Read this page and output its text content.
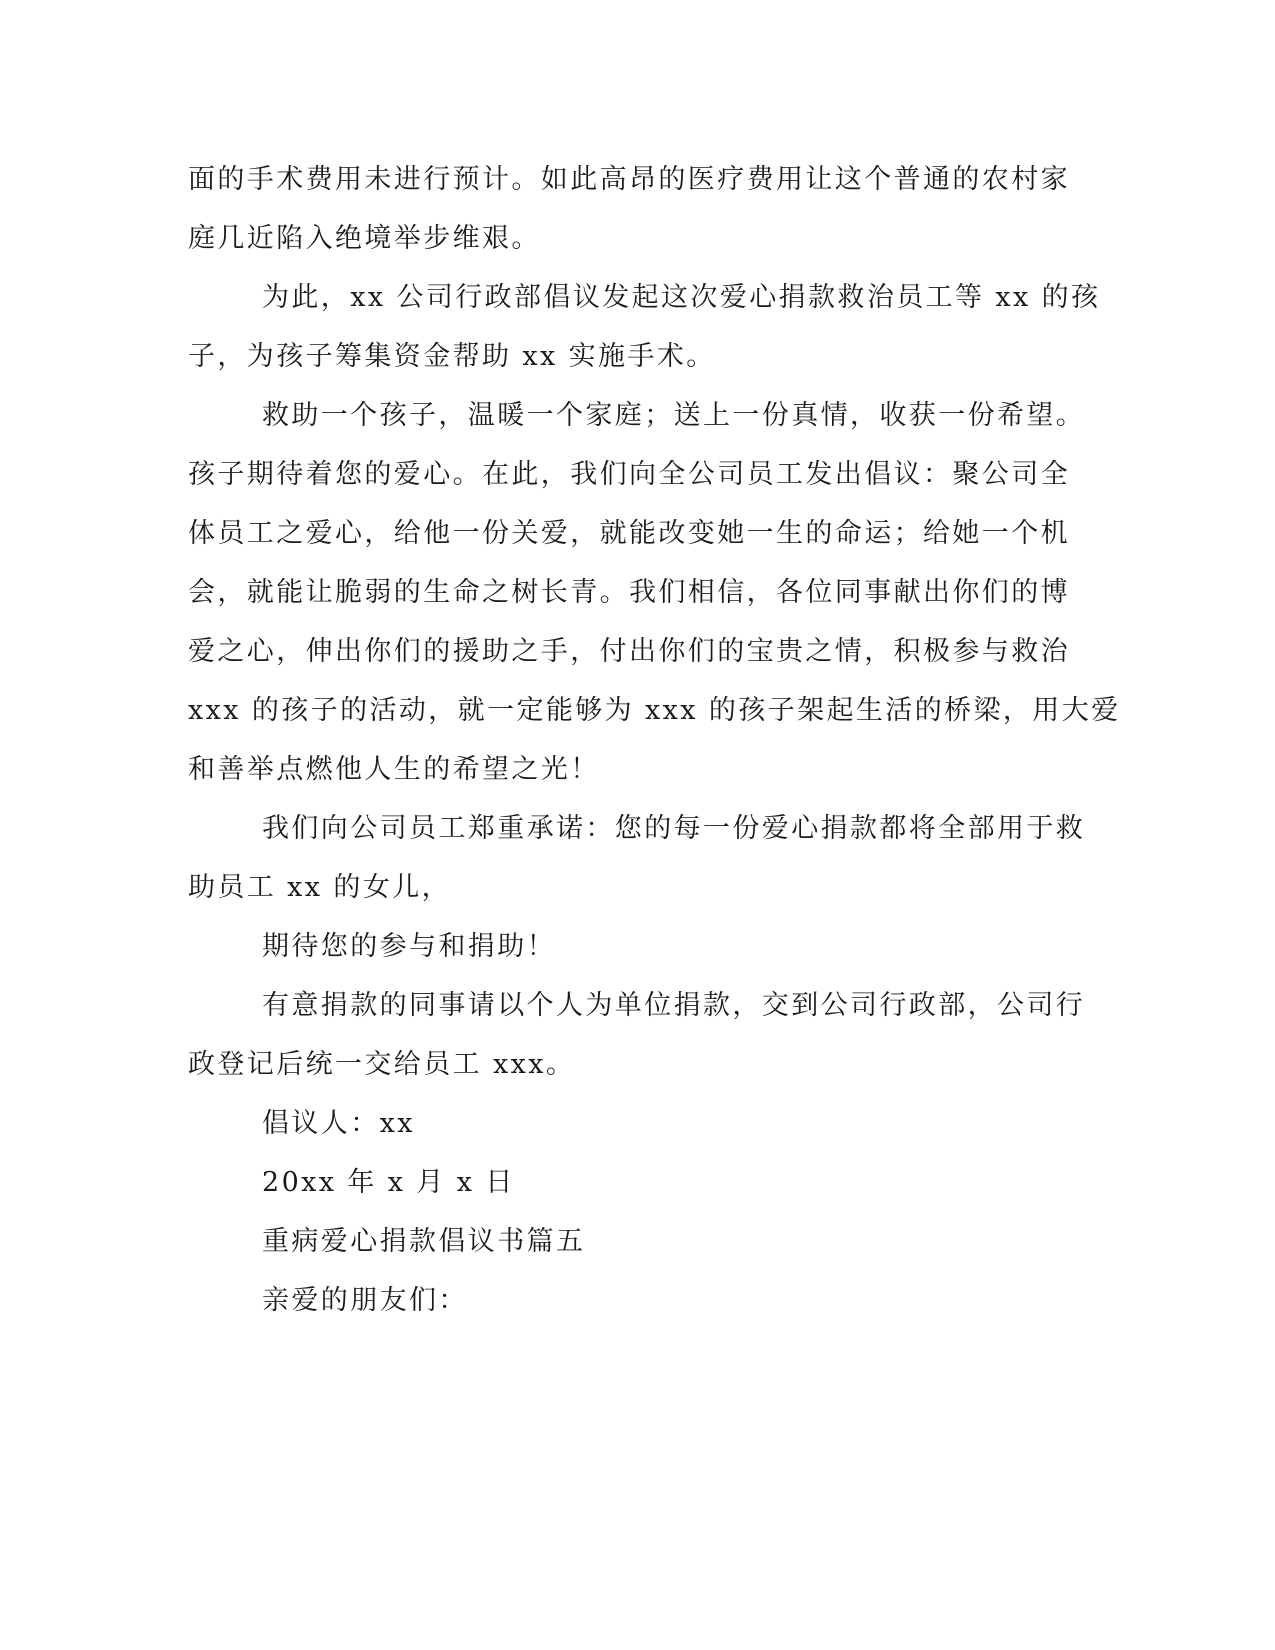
面的手术费用未进行预计。如此高昂的医疗费用让这个普通的农村家
庭几近陷入绝境举步维艰。
为此，xx 公司行政部倡议发起这次爱心捐款救治员工等 xx 的孩
子，为孩子筹集资金帮助 xx 实施手术。
救助一个孩子，温暖一个家庭；送上一份真情，收获一份希望。
孩子期待着您的爱心。在此，我们向全公司员工发出倡议：聚公司全
体员工之爱心，给他一份关爱，就能改变她一生的命运；给她一个机
会，就能让脆弱的生命之树长青。我们相信，各位同事献出你们的博
爱之心，伸出你们的援助之手，付出你们的宝贵之情，积极参与救治
xxx 的孩子的活动，就一定能够为 xxx 的孩子架起生活的桥梁，用大爱
和善举点燃他人生的希望之光！
我们向公司员工郑重承诺：您的每一份爱心捐款都将全部用于救
助员工 xx 的女儿，
期待您的参与和捐助！
有意捐款的同事请以个人为单位捐款，交到公司行政部，公司行
政登记后统一交给员工 xxx。
倡议人：xx
20xx 年 x 月 x 日
重病爱心捐款倡议书篇五
亲爱的朋友们：
